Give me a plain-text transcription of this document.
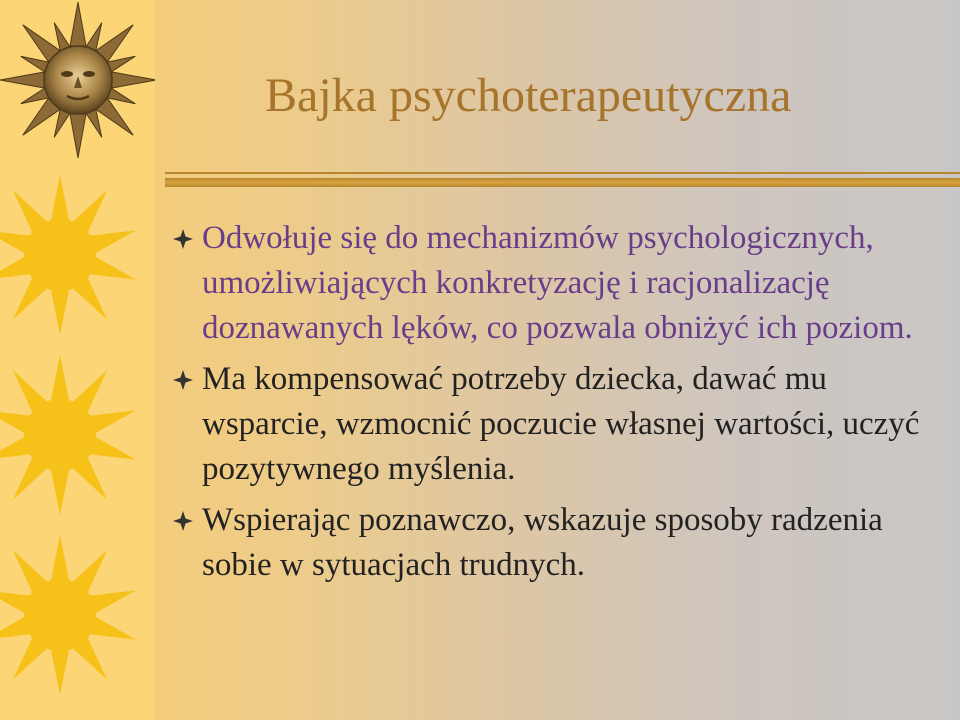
Bajka psychoterapeutyczna
Odwołuje się do mechanizmów psychologicznych, umożliwiających konkretyzację i racjonalizację doznawanych lęków, co pozwala obniżyć ich poziom.
Ma kompensować potrzeby dziecka, dawać mu wsparcie, wzmocnić poczucie własnej wartości, uczyć pozytywnego myślenia.
Wspierając poznawczo, wskazuje sposoby radzenia sobie w sytuacjach trudnych.
